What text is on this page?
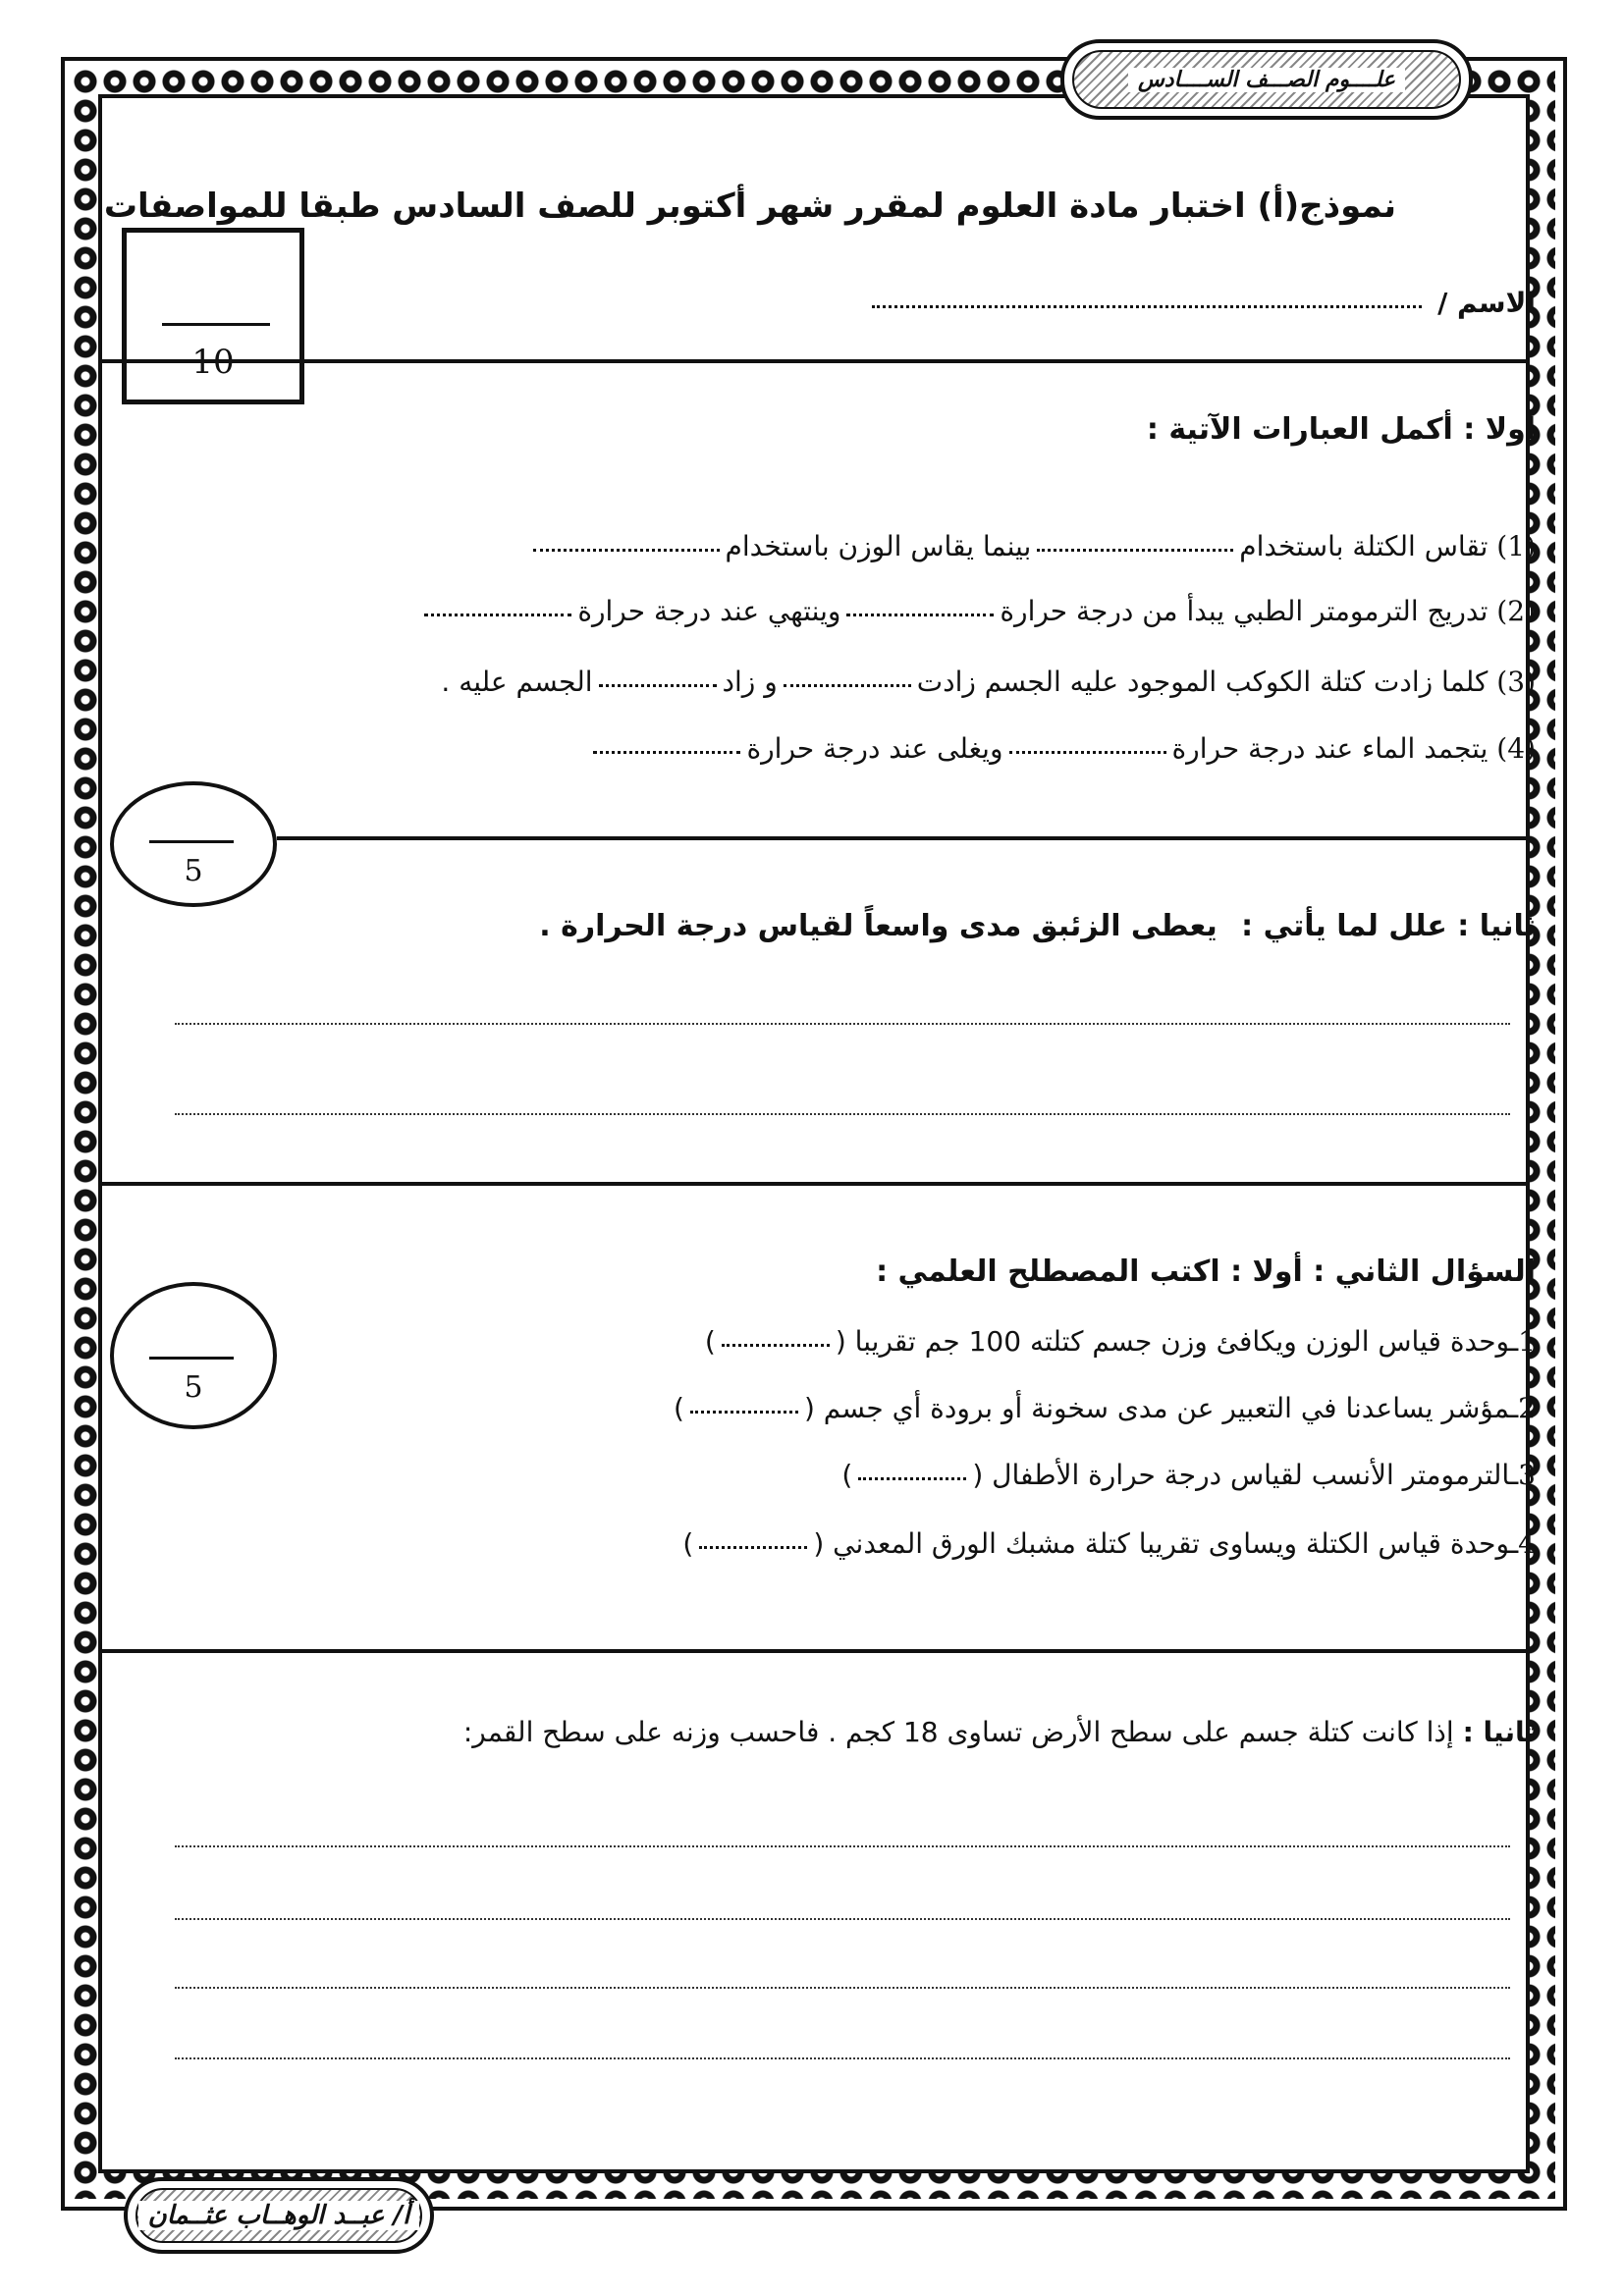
علــــوم الصـــف الســــادس
أ/ عبــد الوهــاب عثــمان
نموذج(أ) اختبار مادة العلوم لمقرر شهر أكتوبر للصف السادس طبقا للمواصفات
الاسم /
10
أولا : أكمل العبارات الآتية :
(1) تقاس الكتلة باستخدامبينما يقاس الوزن باستخدام
(2) تدريج الترمومتر الطبي يبدأ من درجة حرارةوينتهي عند درجة حرارة
(3) كلما زادت كتلة الكوكب الموجود عليه الجسم زادتو زادالجسم عليه .
(4) يتجمد الماء عند درجة حرارةويغلى عند درجة حرارة
5
ثانيا : علل لما يأتي : يعطى الزئبق مدى واسعاً لقياس درجة الحرارة .
السؤال الثاني : أولا : اكتب المصطلح العلمي :
5
1ـوحدة قياس الوزن ويكافئ وزن جسم كتلته 100 جم تقريبا ()
2ـمؤشر يساعدنا في التعبير عن مدى سخونة أو برودة أي جسم ()
3ـالترمومتر الأنسب لقياس درجة حرارة الأطفال ()
4ـوحدة قياس الكتلة ويساوى تقريبا كتلة مشبك الورق المعدني ()
ثانيا : إذا كانت كتلة جسم على سطح الأرض تساوى 18 كجم . فاحسب وزنه على سطح القمر:
